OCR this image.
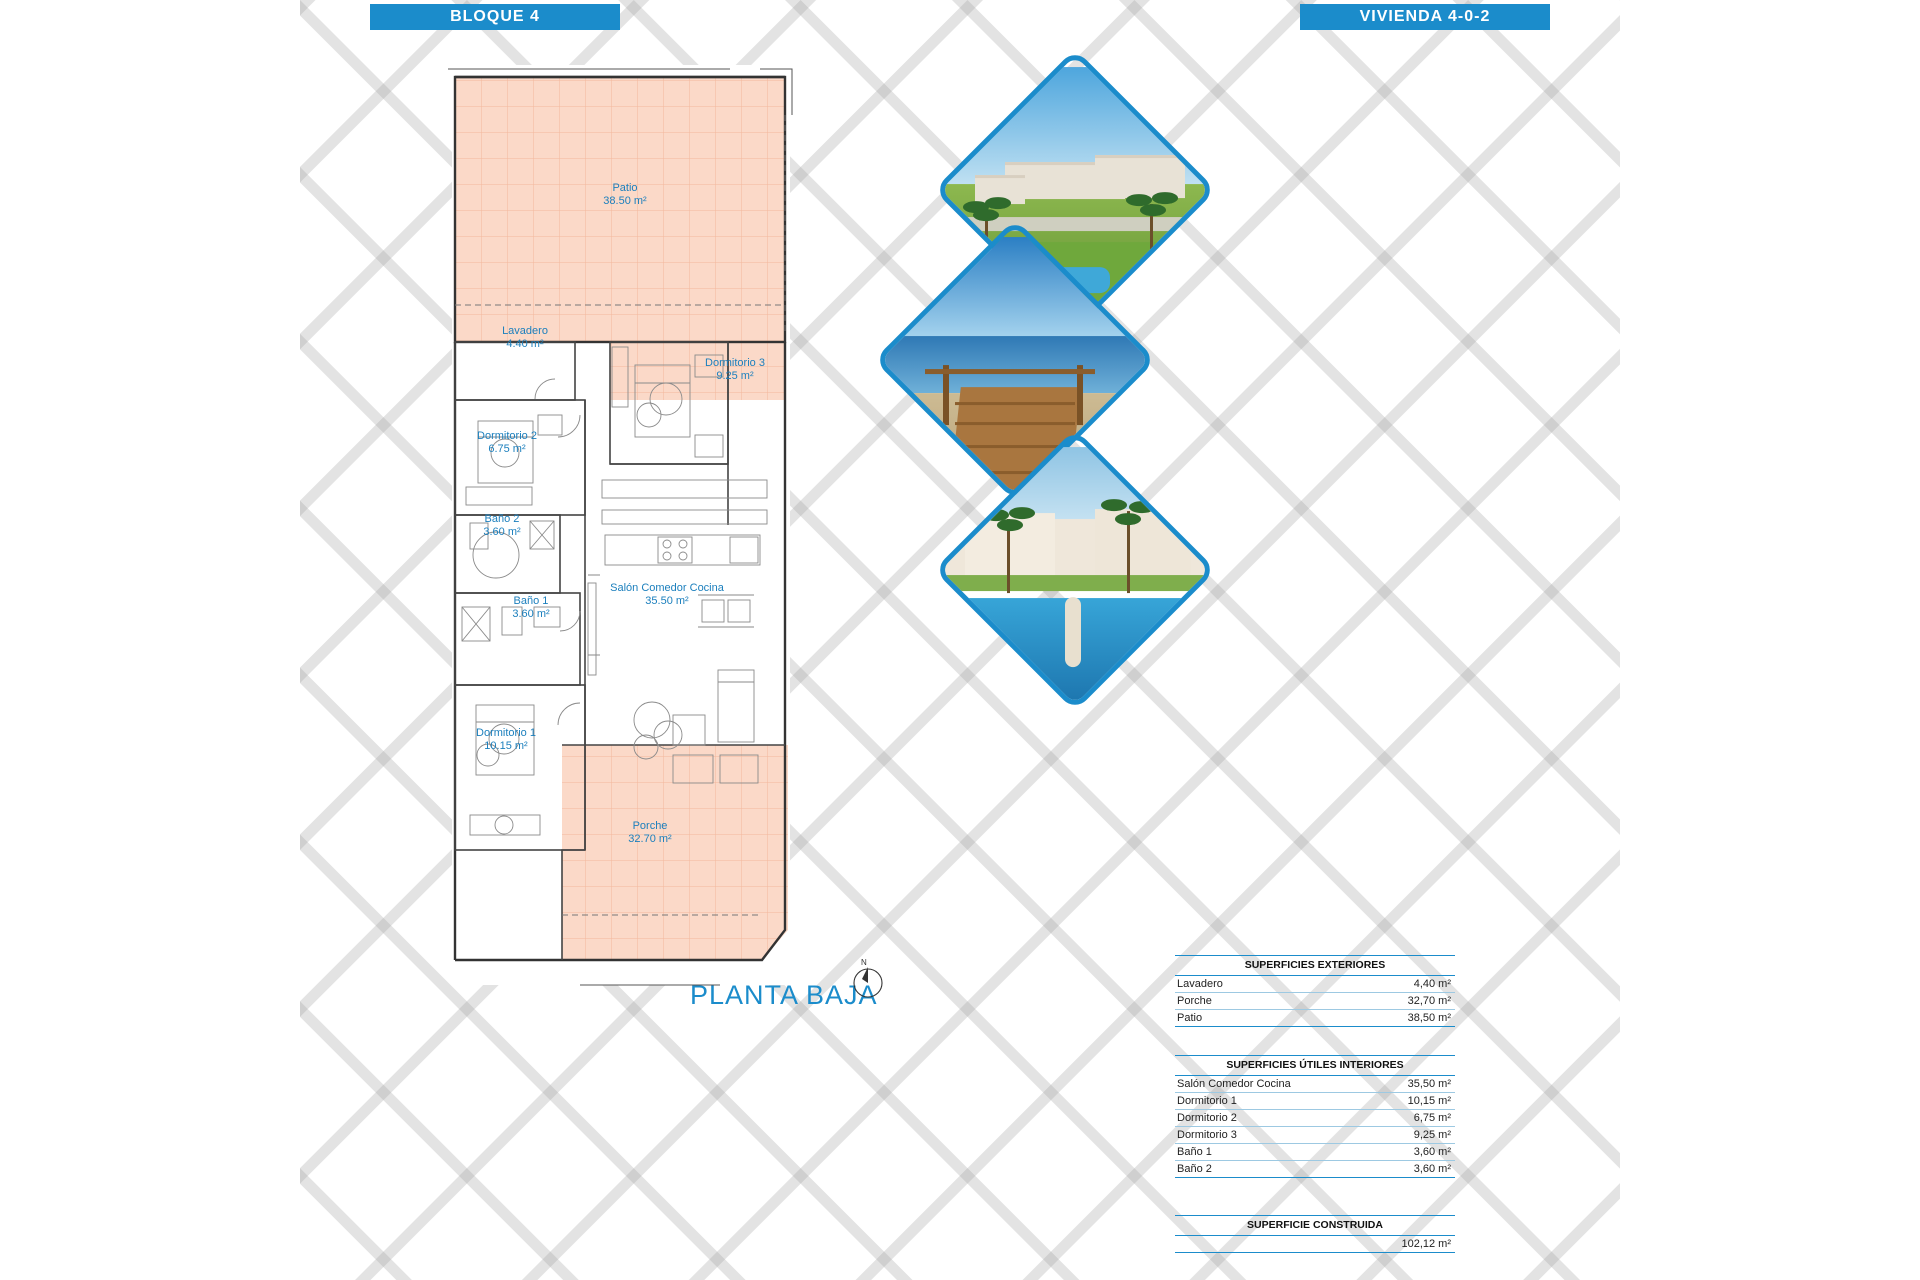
BLOQUE 4	VIVIENDA 4-0-2
Patio
38.50 m²
Lavadero
4.40 m²
Dormitorio 3
9.25 m²
Dormitorio 2
6.75 m²
Baño 2
3.60 m²
Salón Comedor Cocina
35.50 m²
Baño 1
3.60 m²
Dormitorio 1
10.15 m²
Porche
32.70 m²
PLANTA BAJA
N	SUPERFICIES EXTERIORES
Lavadero	4,40 m²
Porche	32,70 m²
Patio	38,50 m²
SUPERFICIES ÚTILES INTERIORES
Salón Comedor Cocina	35,50 m²
Dormitorio 1	10,15 m²
Dormitorio 2	6,75 m²
Dormitorio 3	9,25 m²
Baño 1	3,60 m²
Baño 2	3,60 m²
SUPERFICIE CONSTRUIDA
102,12 m²
